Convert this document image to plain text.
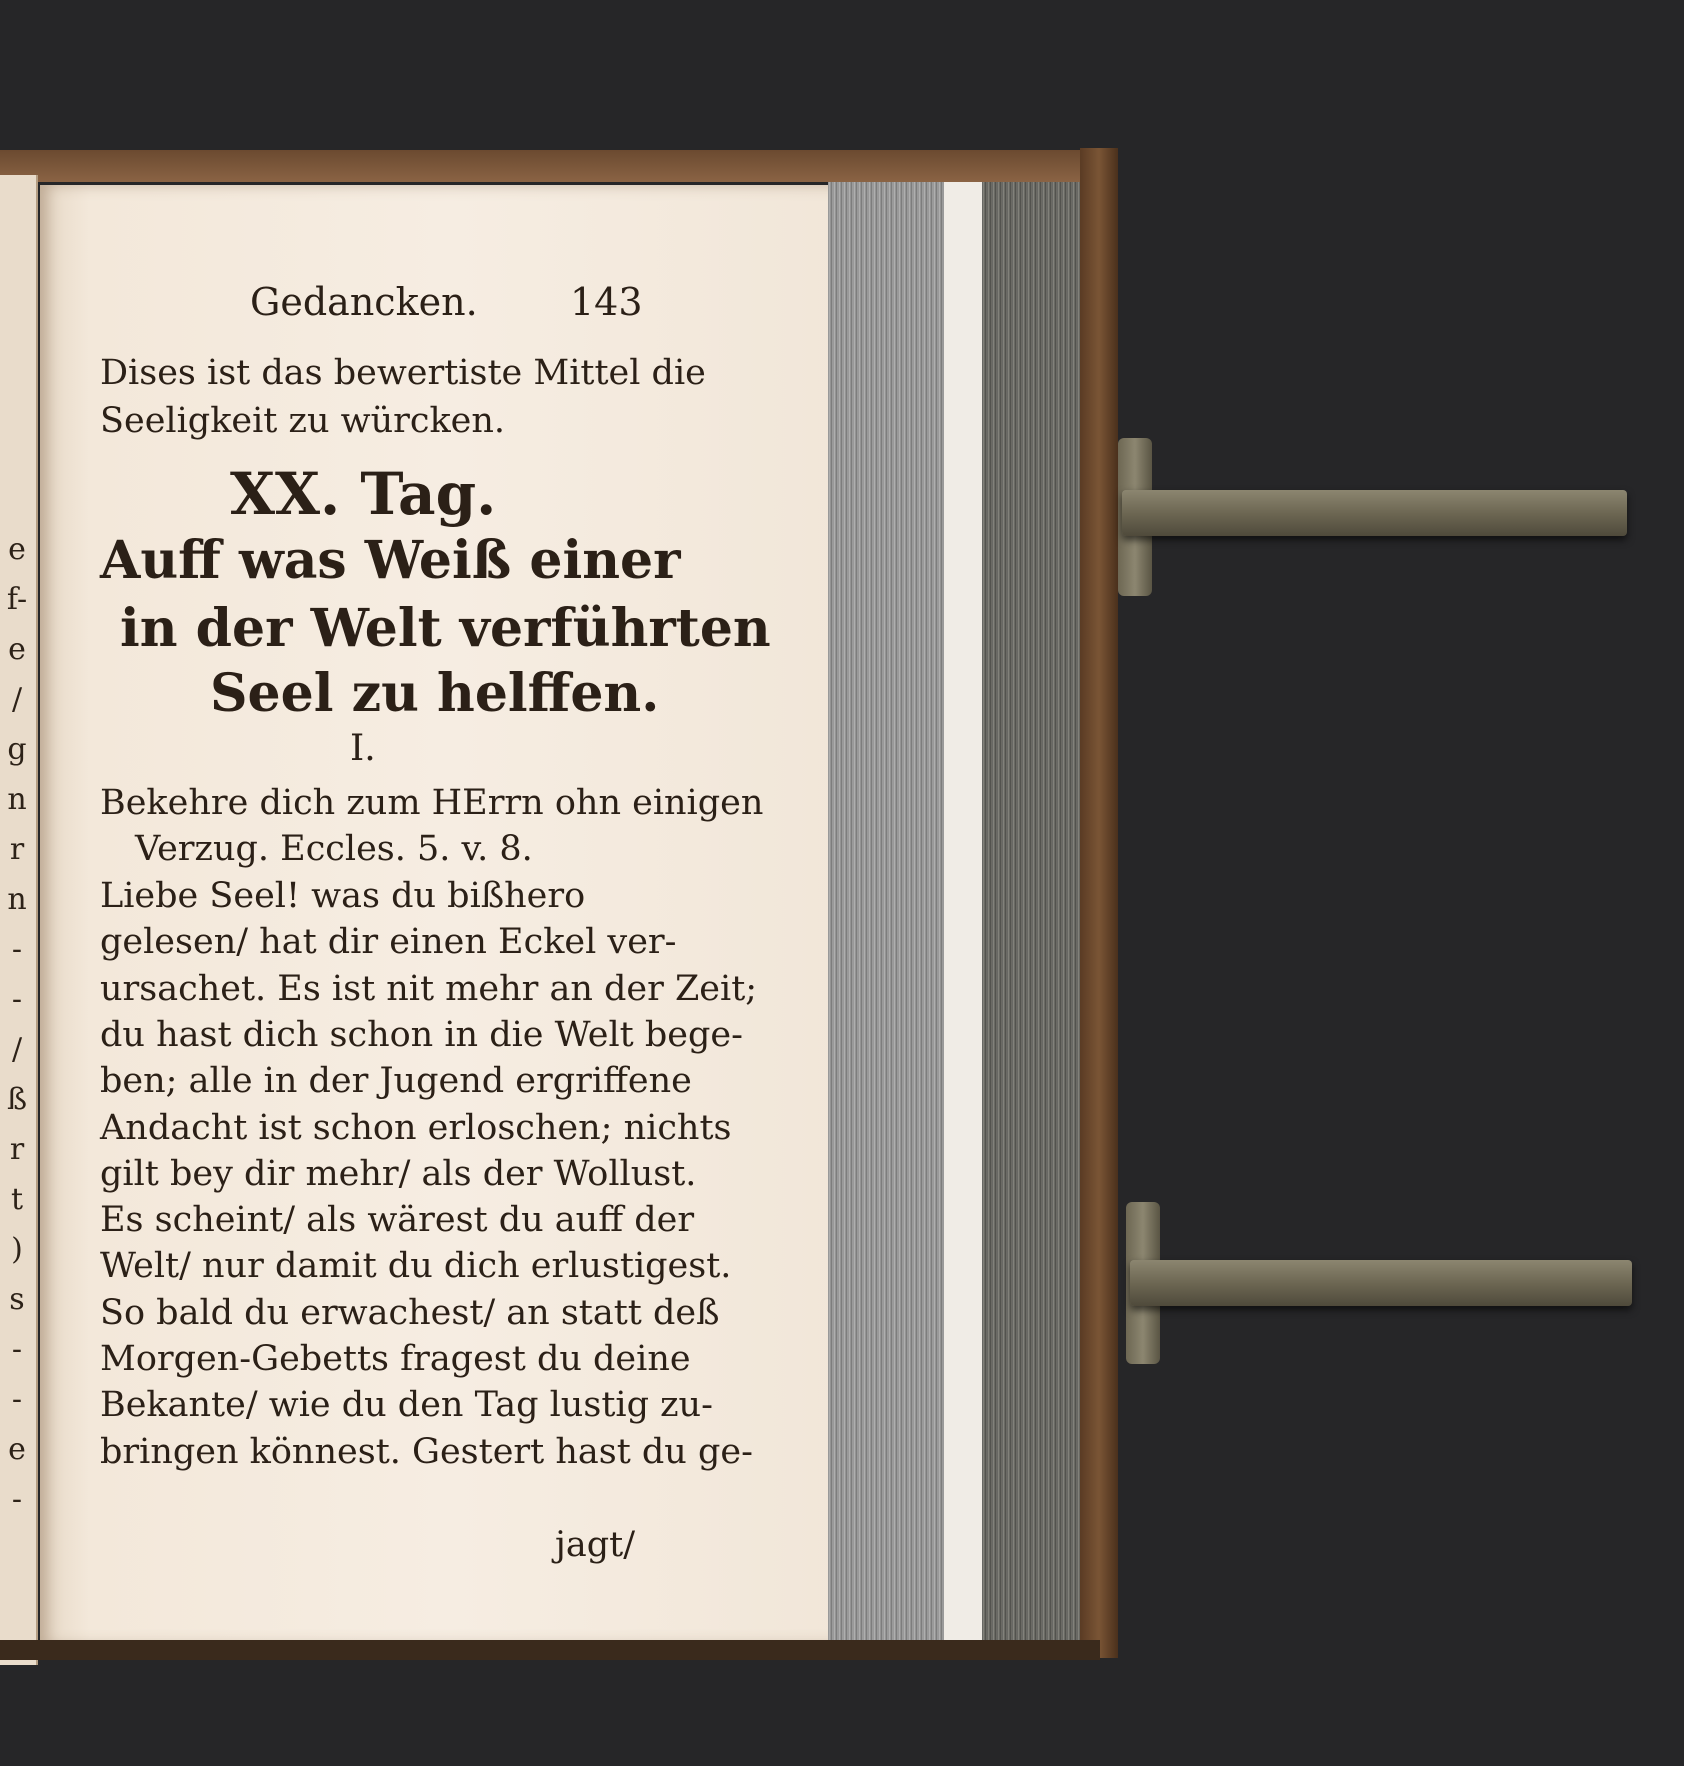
e
f-
e
/
g
n
r
n
-
-
/
ß
r
t
)
s
-
-
e
-
Gedancken. 143
Dises ist das bewertiste Mittel die
Seeligkeit zu würcken.
XX. Tag.
Auff was Weiß einer
in der Welt verführten
Seel zu helffen.
I.
Bekehre dich zum HErrn ohn einigen
Verzug. Eccles. 5. v. 8.
Liebe Seel! was du bißhero
gelesen/ hat dir einen Eckel ver-
ursachet. Es ist nit mehr an der Zeit;
du hast dich schon in die Welt bege-
ben; alle in der Jugend ergriffene
Andacht ist schon erloschen; nichts
gilt bey dir mehr/ als der Wollust.
Es scheint/ als wärest du auff der
Welt/ nur damit du dich erlustigest.
So bald du erwachest/ an statt deß
Morgen-Gebetts fragest du deine
Bekante/ wie du den Tag lustig zu-
bringen könnest. Gestert hast du ge-
jagt/
